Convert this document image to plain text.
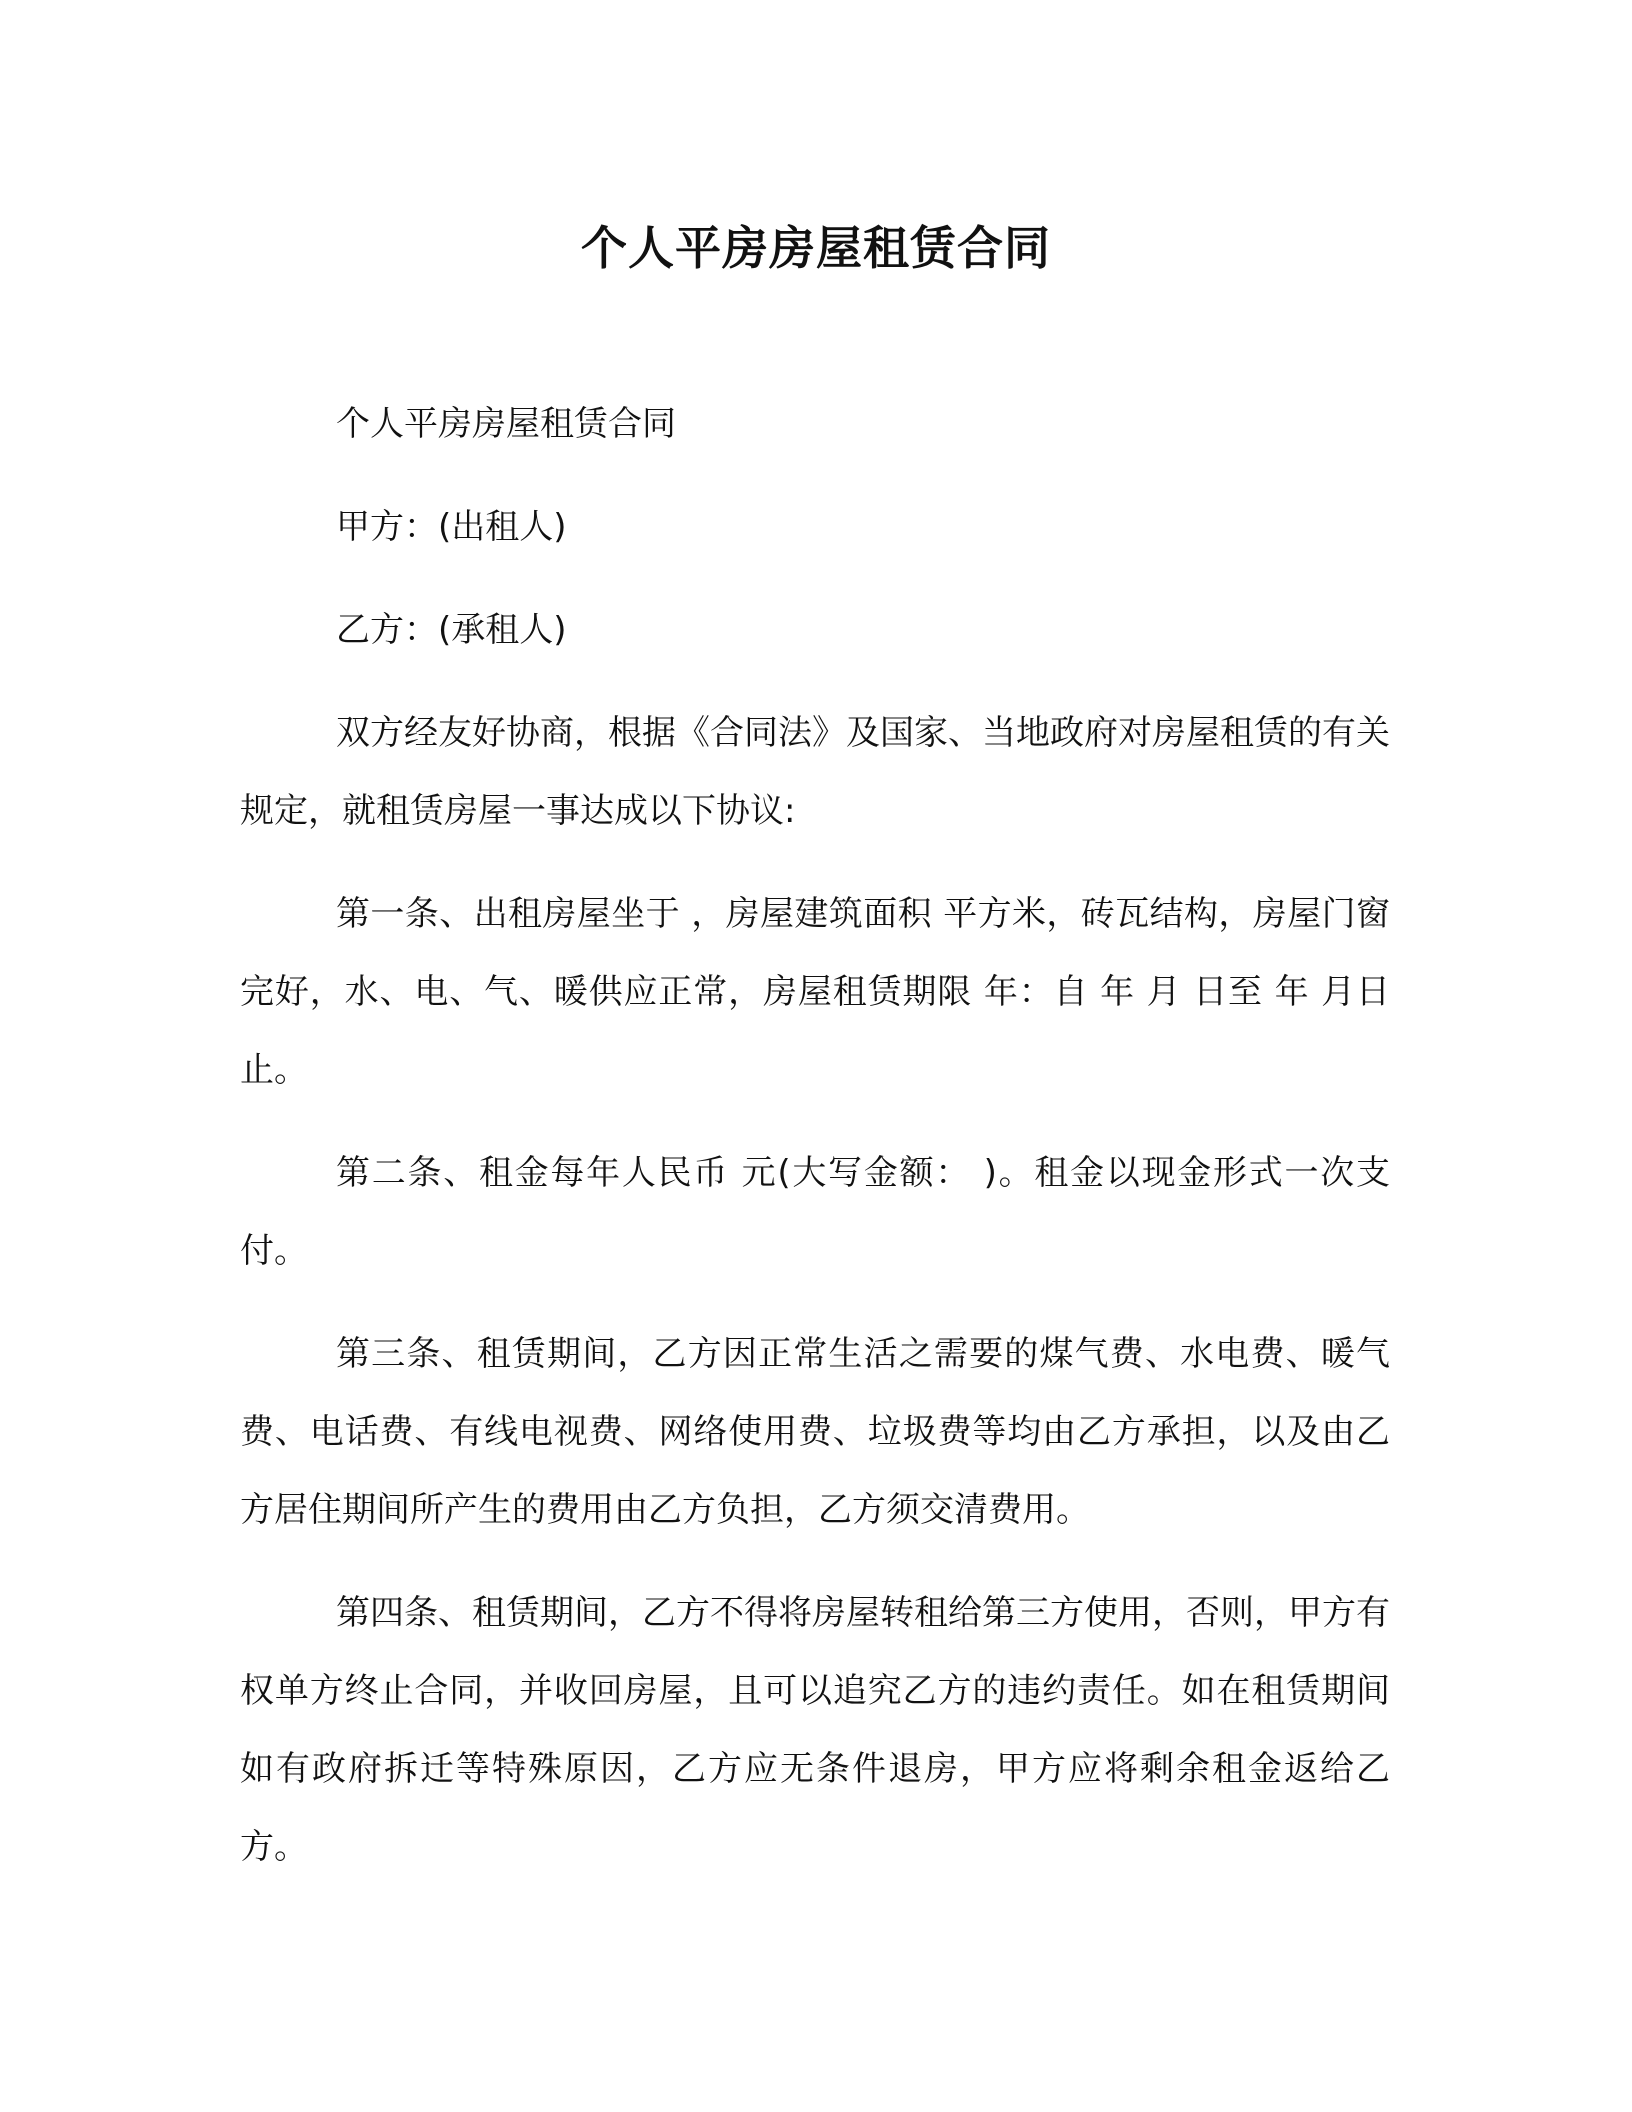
个人平房房屋租赁合同

个人平房房屋租赁合同

甲方：(出租人)

乙方：(承租人)

双方经友好协商，根据《合同法》及国家、当地政府对房屋租赁的有关规定，就租赁房屋一事达成以下协议:

第一条、出租房屋坐于 ，房屋建筑面积 平方米，砖瓦结构，房屋门窗完好，水、电、气、暖供应正常，房屋租赁期限 年：自 年 月 日至 年 月日止。

第二条、租金每年人民币 元(大写金额： )。租金以现金形式一次支付。

第三条、租赁期间，乙方因正常生活之需要的煤气费、水电费、暖气费、电话费、有线电视费、网络使用费、垃圾费等均由乙方承担，以及由乙方居住期间所产生的费用由乙方负担，乙方须交清费用。

第四条、租赁期间，乙方不得将房屋转租给第三方使用，否则，甲方有权单方终止合同，并收回房屋，且可以追究乙方的违约责任。如在租赁期间如有政府拆迁等特殊原因，乙方应无条件退房，甲方应将剩余租金返给乙方。
